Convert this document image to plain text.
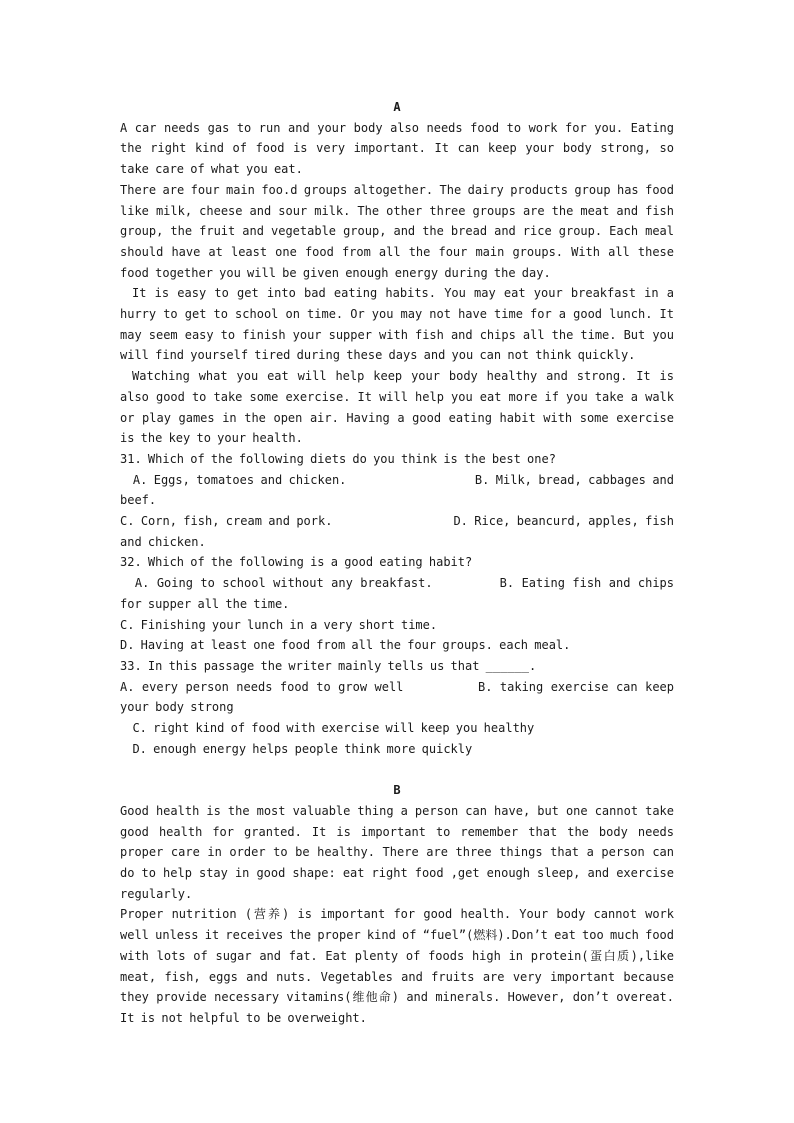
A

A car needs gas to run and your body also needs food to work for you. Eating the right kind of food is very important. It can keep your body strong, so take care of what you eat.

There are four main foo.d groups altogether. The dairy products group has food like milk, cheese and sour milk. The other three groups are the meat and fish group, the fruit and vegetable group, and the bread and rice group. Each meal should have at least one food from all the four main groups. With all these food together you will be given enough energy during the day.

It is easy to get into bad eating habits. You may eat your breakfast in a hurry to get to school on time. Or you may not have time for a good lunch. It may seem easy to finish your supper with fish and chips all the time. But you will find yourself tired during these days and you can not think quickly.

Watching what you eat will help keep your body healthy and strong. It is also good to take some exercise. It will help you eat more if you take a walk or play games in the open air. Having a good eating habit with some exercise is the key to your health.

31. Which of the following diets do you think is the best one?

A. Eggs, tomatoes and chicken.                    B. Milk, bread, cabbages and beef.

C. Corn, fish, cream and pork.                   D. Rice, beancurd, apples, fish and chicken.

32. Which of the following is a good eating habit?

A. Going to school without any breakfast.         B. Eating fish and chips for supper all the time.

C. Finishing your lunch in a very short time.

D. Having at least one food from all the four groups. each meal.

33. In this passage the writer mainly tells us that ______.

A. every person needs food to grow well          B. taking exercise can keep your body strong

C. right kind of food with exercise will keep you healthy

D. enough energy helps people think more quickly

B

Good health is the most valuable thing a person can have, but one cannot take good health for granted. It is important to remember that the body needs proper care in order to be healthy. There are three things that a person can do to help stay in good shape: eat right food ,get enough sleep, and exercise regularly.

Proper nutrition (营养) is important for good health. Your body cannot work well unless it receives the proper kind of “fuel”(燃料).Don’t eat too much food with lots of sugar and fat. Eat plenty of foods high in protein(蛋白质),like meat, fish, eggs and nuts. Vegetables and fruits are very important because they provide necessary vitamins(维他命) and minerals. However, don’t overeat. It is not helpful to be overweight.
